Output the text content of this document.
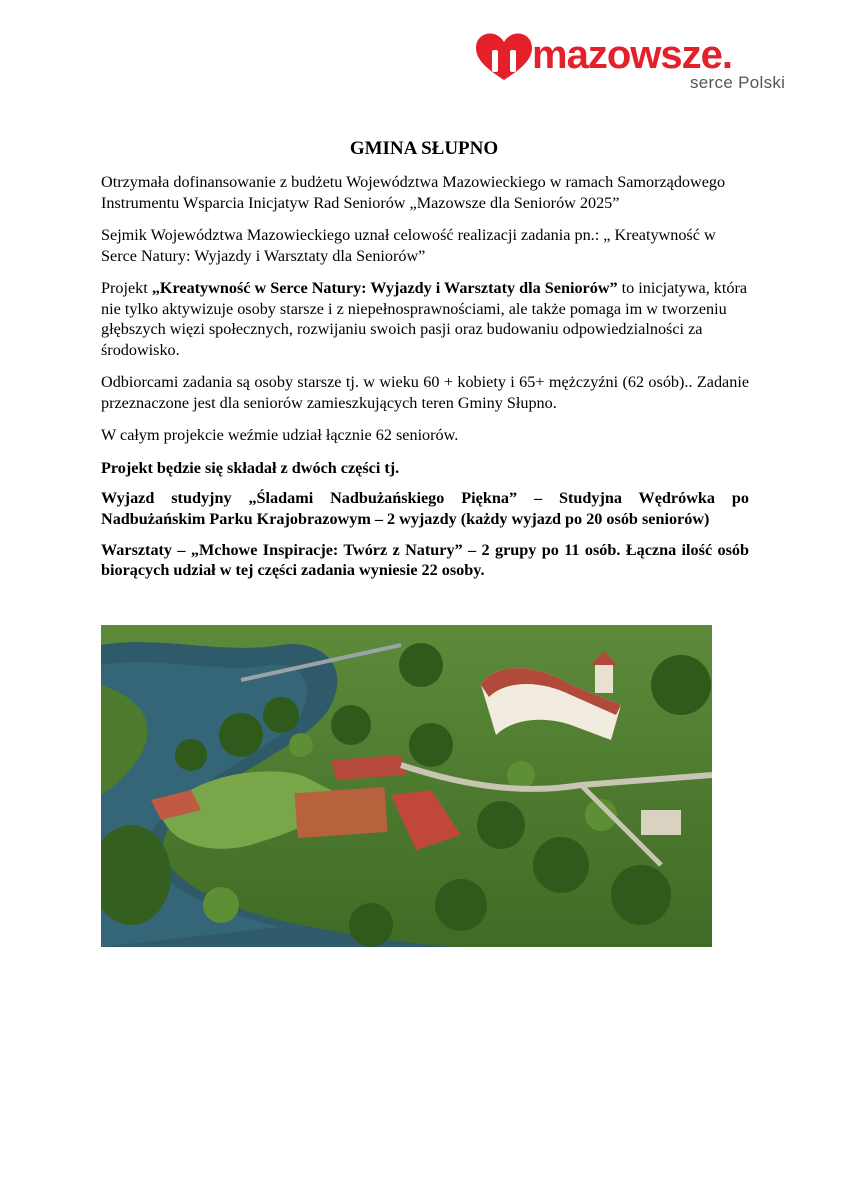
mazowsze.
serce Polski
GMINA SŁUPNO

Otrzymała dofinansowanie z budżetu Województwa Mazowieckiego w ramach Samorządowego Instrumentu Wsparcia Inicjatyw Rad Seniorów „Mazowsze dla Seniorów 2025”

Sejmik Województwa Mazowieckiego uznał celowość realizacji zadania pn.: „ Kreatywność w Serce Natury: Wyjazdy i Warsztaty dla Seniorów”

Projekt „Kreatywność w Serce Natury: Wyjazdy i Warsztaty dla Seniorów” to inicjatywa, która nie tylko aktywizuje osoby starsze i z niepełnosprawnościami, ale także pomaga im w tworzeniu głębszych więzi społecznych, rozwijaniu swoich pasji oraz budowaniu odpowiedzialności za środowisko.

Odbiorcami zadania są osoby starsze tj. w wieku 60 + kobiety i 65+ mężczyźni (62 osób).. Zadanie przeznaczone jest dla seniorów zamieszkujących teren Gminy Słupno.

W całym projekcie weźmie udział łącznie 62 seniorów.

Projekt będzie się składał z dwóch części tj.

Wyjazd studyjny „Śladami Nadbużańskiego Piękna” – Studyjna Wędrówka po Nadbużańskim Parku Krajobrazowym – 2 wyjazdy (każdy wyjazd po 20 osób seniorów)

Warsztaty – „Mchowe Inspiracje: Twórz z Natury” – 2 grupy po 11 osób. Łączna ilość osób biorących udział w tej części zadania wyniesie 22 osoby.
